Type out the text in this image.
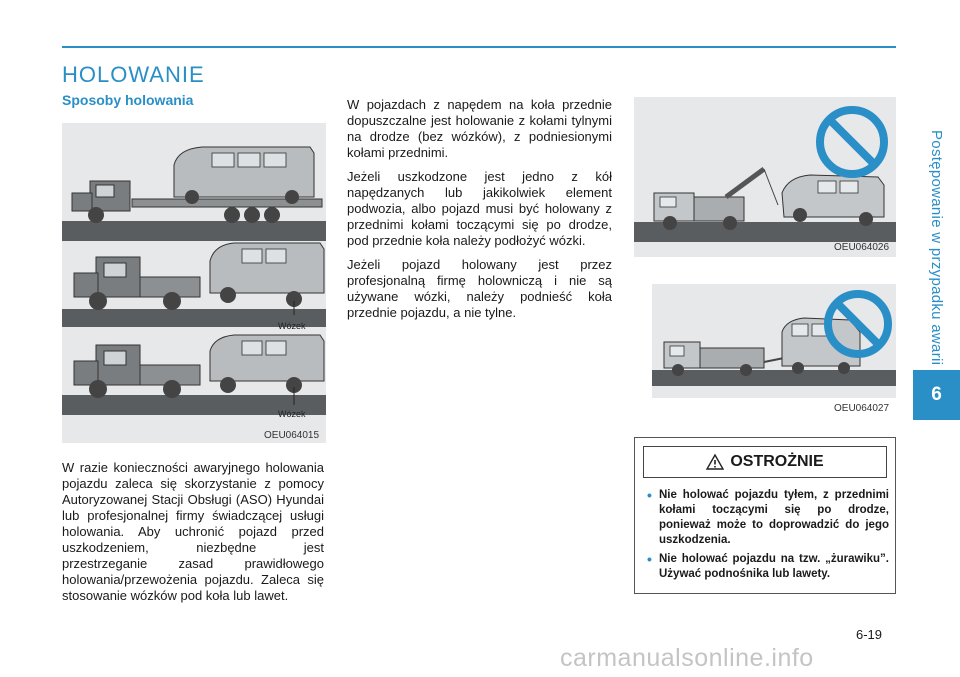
Postępowanie w przypadku awarii
6
HOLOWANIE
Sposoby holowania
Wózek
Wózek
OEU064015

W razie konieczności awaryjnego holowania pojazdu zaleca się skorzystanie z pomocy Autoryzowanej Stacji Obsługi (ASO) Hyundai lub profesjonalnej firmy świadczącej usługi holowania. Aby uchronić pojazd przed uszkodzeniem, niezbędne jest przestrzeganie zasad prawidłowego holowania/przewożenia pojazdu. Zaleca się stosowanie wózków pod koła lub lawet.

W pojazdach z napędem na koła przednie dopuszczalne jest holowanie z kołami tylnymi na drodze (bez wózków), z podniesionymi kołami przednimi.

Jeżeli uszkodzone jest jedno z kół napędzanych lub jakikolwiek element podwozia, albo pojazd musi być holowany z przednimi kołami toczącymi się po drodze, pod przednie koła należy podłożyć wózki.

Jeżeli pojazd holowany jest przez profesjonalną firmę holowniczą i nie są używane wózki, należy podnieść koła przednie pojazdu, a nie tylne.

OEU064026
OEU064027
OSTROŻNIE
• Nie holować pojazdu tyłem, z przednimi kołami toczącymi się po drodze, ponieważ może to doprowadzić do jego uszkodzenia.
• Nie holować pojazdu na tzw. „żurawiku”. Używać podnośnika lub lawety.
6-19
carmanualsonline.info
